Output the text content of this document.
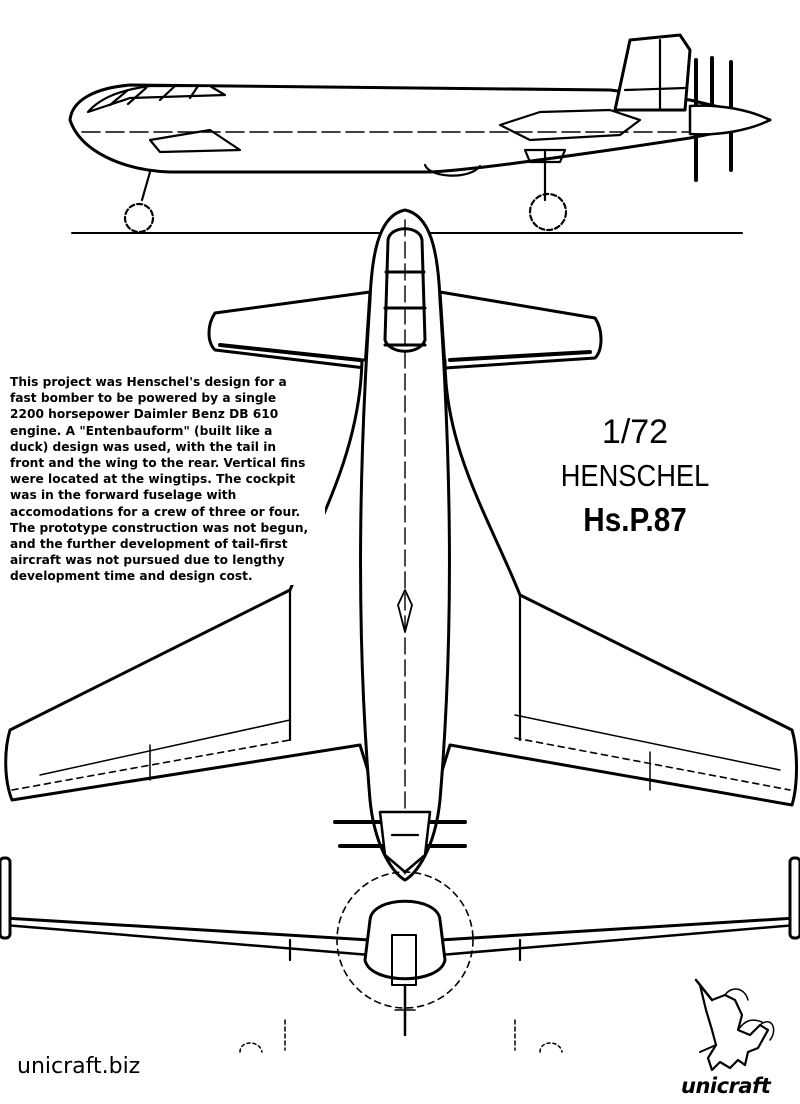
This project was Henschel's design for a
fast bomber to be powered by a single
2200 horsepower Daimler Benz DB 610
engine. A "Entenbauform" (built like a
duck) design was used, with the tail in
front and the wing to the rear. Vertical fins
were located at the wingtips. The cockpit
was in the forward fuselage with
accomodations for a crew of three or four.
The prototype construction was not begun,
and the further development of tail-first
aircraft was not pursued due to lengthy
development time and design cost.

1/72
HENSCHEL
Hs.P.87
unicraft.biz
unicraft
